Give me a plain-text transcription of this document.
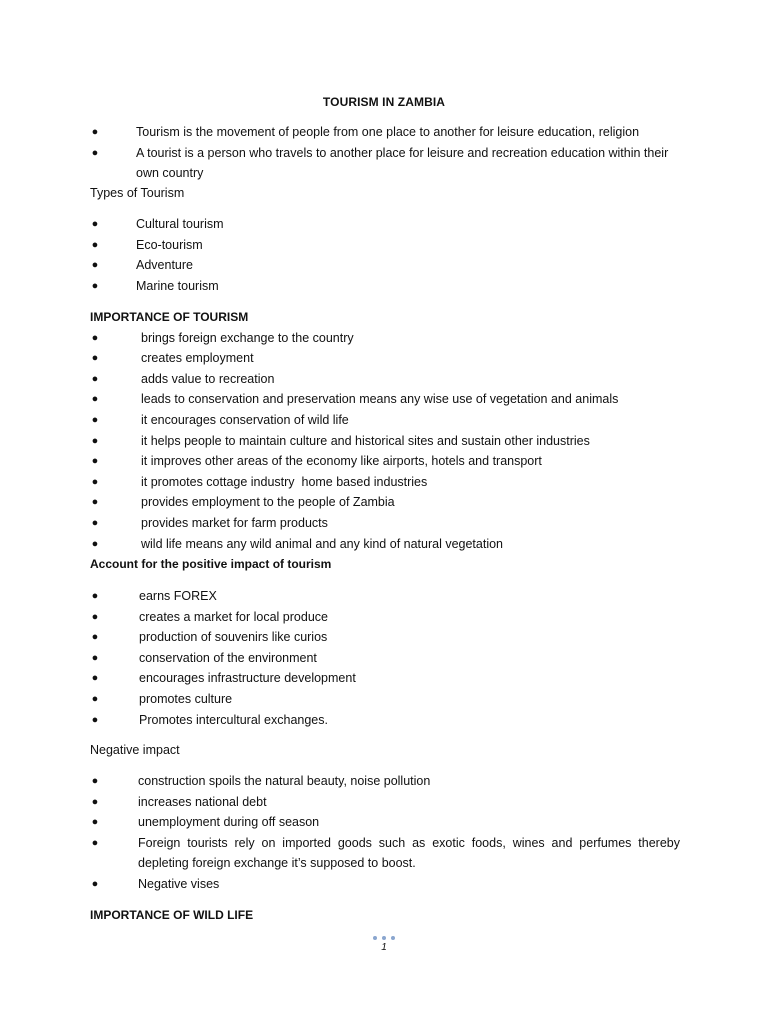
TOURISM IN ZAMBIA
●	Tourism is the movement of people from one place to another for leisure education, religion
●	A tourist is a person who travels to another place for leisure and recreation education within their own country
Types of Tourism
●	Cultural tourism
●	Eco-tourism
●	Adventure
●	Marine tourism
IMPORTANCE OF TOURISM
●	brings foreign exchange to the country
●	creates employment
●	adds value to recreation
●	leads to conservation and preservation means any wise use of vegetation and animals
●	it encourages conservation of wild life
●	it helps people to maintain culture and historical sites and sustain other industries
●	it improves other areas of the economy like airports, hotels and transport
●	it promotes cottage industry  home based industries
●	provides employment to the people of Zambia
●	provides market for farm products
●	wild life means any wild animal and any kind of natural vegetation
Account for the positive impact of tourism
●	earns FOREX
●	creates a market for local produce
●	production of souvenirs like curios
●	conservation of the environment
●	encourages infrastructure development
●	promotes culture
●	Promotes intercultural exchanges.
Negative impact
●	construction spoils the natural beauty, noise pollution
●	increases national debt
●	unemployment during off season
●	Foreign tourists rely on imported goods such as exotic foods, wines and perfumes thereby depleting foreign exchange it’s supposed to boost.
●	Negative vises
IMPORTANCE OF WILD LIFE
1
